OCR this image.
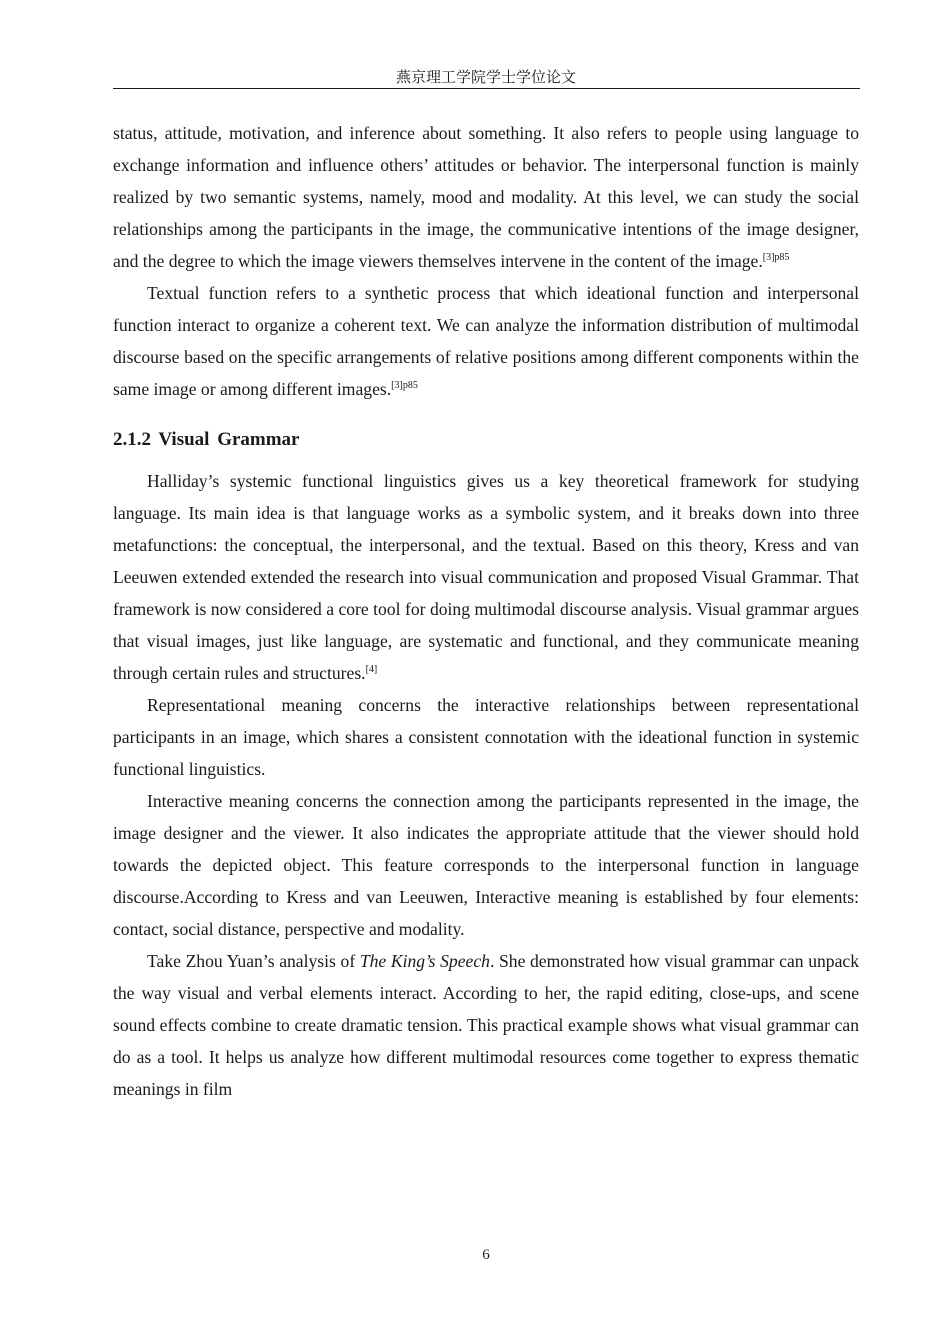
燕京理工学院学士学位论文

status, attitude, motivation, and inference about something. It also refers to people using language to exchange information and influence others’ attitudes or behavior. The interpersonal function is mainly realized by two semantic systems, namely, mood and modality. At this level, we can study the social relationships among the participants in the image, the communicative intentions of the image designer, and the degree to which the image viewers themselves intervene in the content of the image.$^{[3]p85}$

Textual function refers to a synthetic process that which ideational function and interpersonal function interact to organize a coherent text. We can analyze the information distribution of multimodal discourse based on the specific arrangements of relative positions among different components within the same image or among different images.$^{[3]p85}$

2.1.2 Visual Grammar

Halliday’s systemic functional linguistics gives us a key theoretical framework for studying language. Its main idea is that language works as a symbolic system, and it breaks down into three metafunctions: the conceptual, the interpersonal, and the textual. Based on this theory, Kress and van Leeuwen extended extended the research into visual communication and proposed Visual Grammar. That framework is now considered a core tool for doing multimodal discourse analysis. Visual grammar argues that visual images, just like language, are systematic and functional, and they communicate meaning through certain rules and structures.[4]

Representational meaning concerns the interactive relationships between representational participants in an image, which shares a consistent connotation with the ideational function in systemic functional linguistics.

Interactive meaning concerns the connection among the participants represented in the image, the image designer and the viewer. It also indicates the appropriate attitude that the viewer should hold towards the depicted object. This feature corresponds to the interpersonal function in language discourse.According to Kress and van Leeuwen, Interactive meaning is established by four elements: contact, social distance, perspective and modality.

Take Zhou Yuan’s analysis of The King’s Speech. She demonstrated how visual grammar can unpack the way visual and verbal elements interact. According to her, the rapid editing, close-ups, and scene sound effects combine to create dramatic tension. This practical example shows what visual grammar can do as a tool. It helps us analyze how different multimodal resources come together to express thematic meanings in film

6
